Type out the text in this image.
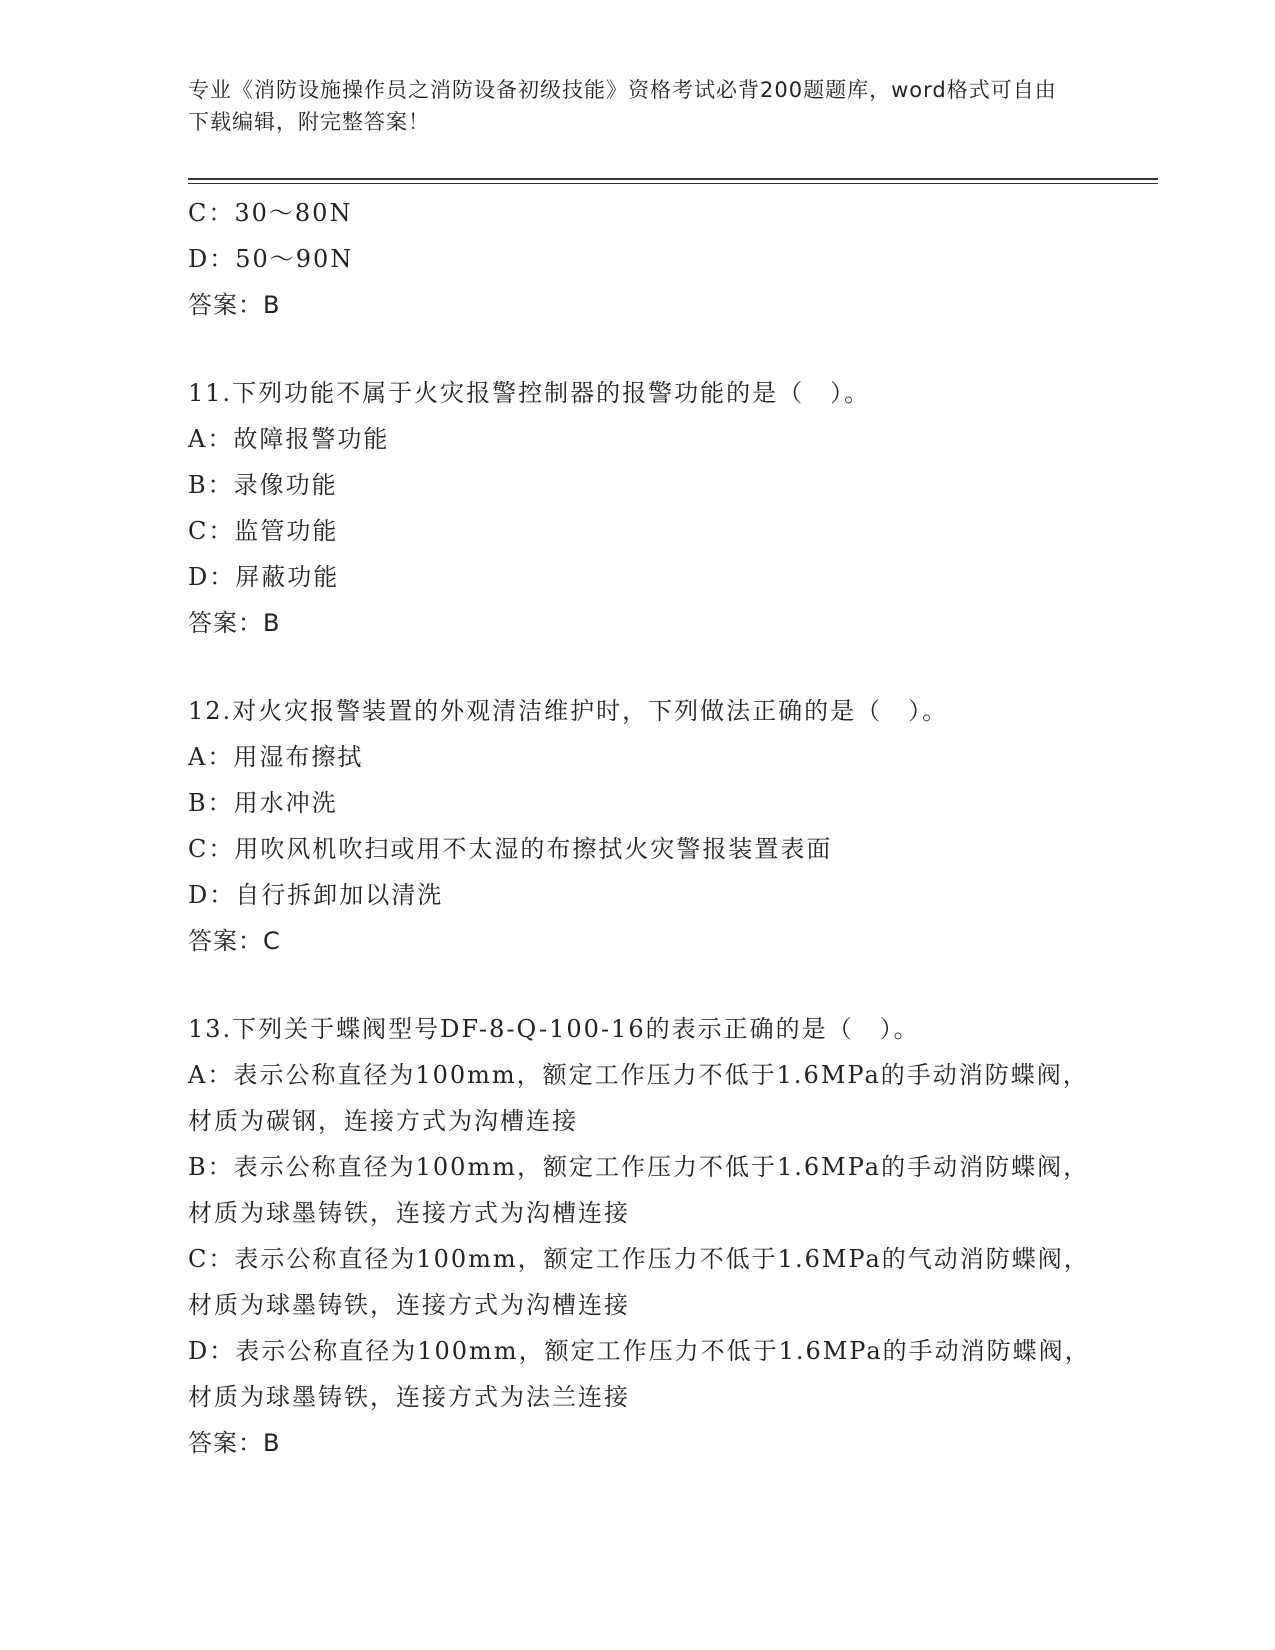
专业《消防设施操作员之消防设备初级技能》资格考试必背200题题库，word格式可自由下载编辑，附完整答案！
C：30～80N
D：50～90N
答案：B
11.下列功能不属于火灾报警控制器的报警功能的是（　）。
A：故障报警功能
B：录像功能
C：监管功能
D：屏蔽功能
答案：B
12.对火灾报警装置的外观清洁维护时，下列做法正确的是（　）。
A：用湿布擦拭
B：用水冲洗
C：用吹风机吹扫或用不太湿的布擦拭火灾警报装置表面
D：自行拆卸加以清洗
答案：C
13.下列关于蝶阀型号DF-8-Q-100-16的表示正确的是（　）。
A：表示公称直径为100mm，额定工作压力不低于1.6MPa的手动消防蝶阀，材质为碳钢，连接方式为沟槽连接
B：表示公称直径为100mm，额定工作压力不低于1.6MPa的手动消防蝶阀，材质为球墨铸铁，连接方式为沟槽连接
C：表示公称直径为100mm，额定工作压力不低于1.6MPa的气动消防蝶阀，材质为球墨铸铁，连接方式为沟槽连接
D：表示公称直径为100mm，额定工作压力不低于1.6MPa的手动消防蝶阀，材质为球墨铸铁，连接方式为法兰连接
答案：B
